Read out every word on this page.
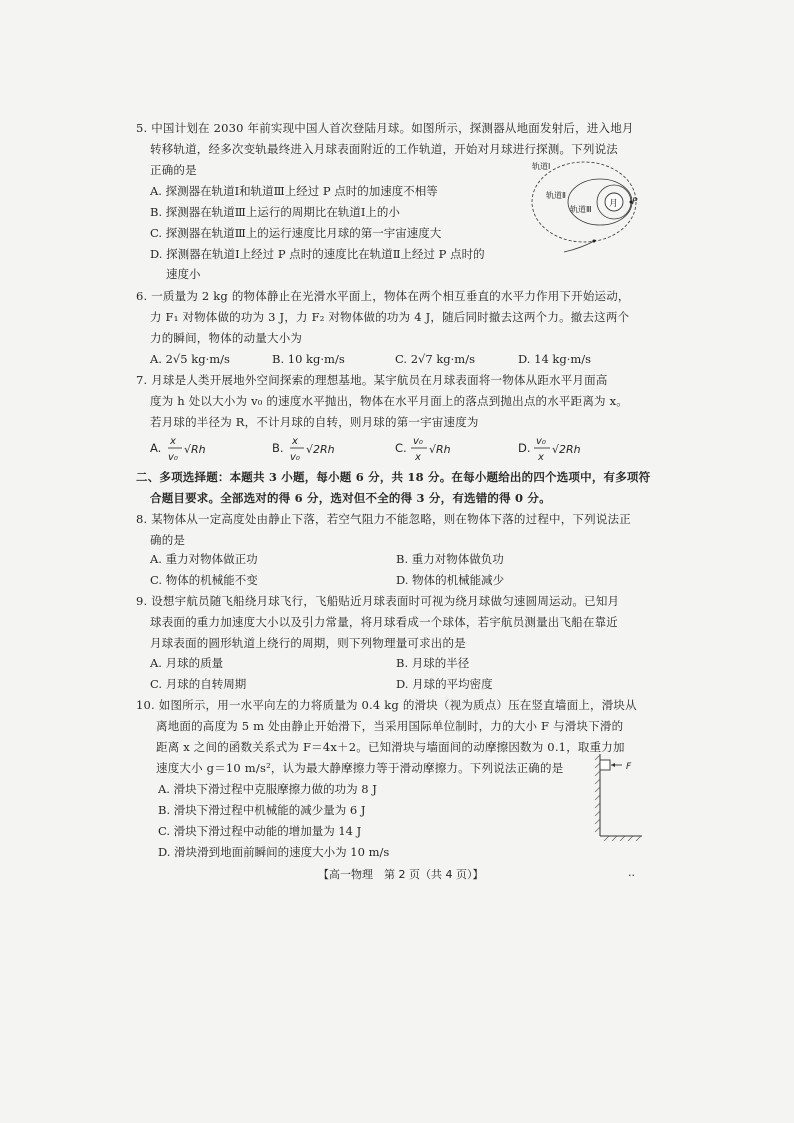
5. 中国计划在 2030 年前实现中国人首次登陆月球。如图所示，探测器从地面发射后，进入地月
转移轨道，经多次变轨最终进入月球表面附近的工作轨道，开始对月球进行探测。下列说法
正确的是
A. 探测器在轨道Ⅰ和轨道Ⅲ上经过 P 点时的加速度不相等
B. 探测器在轨道Ⅲ上运行的周期比在轨道Ⅰ上的小
C. 探测器在轨道Ⅲ上的运行速度比月球的第一宇宙速度大
D. 探测器在轨道Ⅰ上经过 P 点时的速度比在轨道Ⅱ上经过 P 点时的
速度小
月
轨道Ⅰ
轨道Ⅱ
轨道Ⅲ
P
6. 一质量为 2 kg 的物体静止在光滑水平面上，物体在两个相互垂直的水平力作用下开始运动，
力 F₁ 对物体做的功为 3 J，力 F₂ 对物体做的功为 4 J，随后同时撤去这两个力。撤去这两个
力的瞬间，物体的动量大小为
A. 2√5 kg·m/s	B. 10 kg·m/s	C. 2√7 kg·m/s	D. 14 kg·m/s
7. 月球是人类开展地外空间探索的理想基地。某宇航员在月球表面将一物体从距水平月面高
度为 h 处以大小为 v₀ 的速度水平抛出，物体在水平月面上的落点到抛出点的水平距离为 x。
若月球的半径为 R，不计月球的自转，则月球的第一宇宙速度为
A. x
v₀
√Rh	B. x
v₀
√2Rh	C. v₀
x
√Rh	D. v₀
x
√2Rh
二、多项选择题：本题共 3 小题，每小题 6 分，共 18 分。在每小题给出的四个选项中，有多项符
合题目要求。全部选对的得 6 分，选对但不全的得 3 分，有选错的得 0 分。
8. 某物体从一定高度处由静止下落，若空气阻力不能忽略，则在物体下落的过程中，下列说法正
确的是
A. 重力对物体做正功	B. 重力对物体做负功
C. 物体的机械能不变	D. 物体的机械能减少
9. 设想宇航员随飞船绕月球飞行，飞船贴近月球表面时可视为绕月球做匀速圆周运动。已知月
球表面的重力加速度大小以及引力常量，将月球看成一个球体，若宇航员测量出飞船在靠近
月球表面的圆形轨道上绕行的周期，则下列物理量可求出的是
A. 月球的质量	B. 月球的半径
C. 月球的自转周期	D. 月球的平均密度
10. 如图所示，用一水平向左的力将质量为 0.4 kg 的滑块（视为质点）压在竖直墙面上，滑块从
离地面的高度为 5 m 处由静止开始滑下，当采用国际单位制时，力的大小 F 与滑块下滑的
距离 x 之间的函数关系式为 F＝4x＋2。已知滑块与墙面间的动摩擦因数为 0.1，取重力加
速度大小 g＝10 m/s²，认为最大静摩擦力等于滑动摩擦力。下列说法正确的是
A. 滑块下滑过程中克服摩擦力做的功为 8 J
B. 滑块下滑过程中机械能的减少量为 6 J
C. 滑块下滑过程中动能的增加量为 14 J
D. 滑块滑到地面前瞬间的速度大小为 10 m/s
F
【高一物理　第 2 页（共 4 页）】	..
